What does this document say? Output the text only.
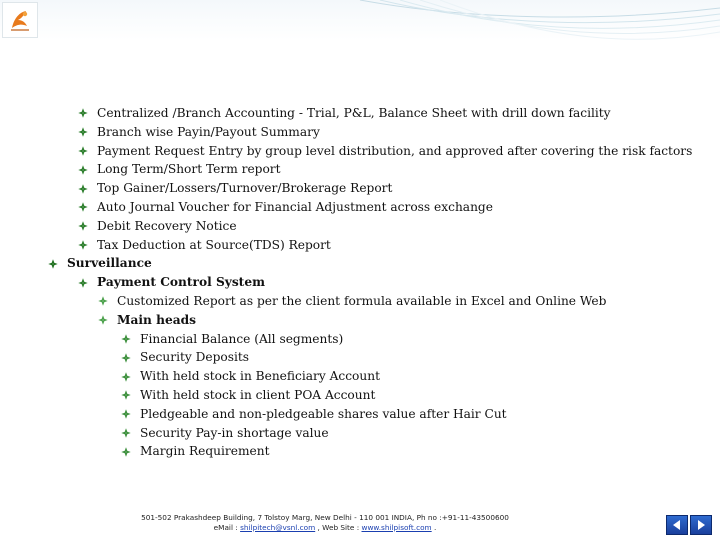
Centralized /Branch Accounting - Trial, P&L, Balance Sheet with drill down facility
Branch wise Payin/Payout Summary
Payment Request Entry by group level distribution, and approved after covering the risk factors
Long Term/Short Term report
Top Gainer/Lossers/Turnover/Brokerage Report
Auto Journal Voucher for Financial Adjustment across exchange
Debit Recovery Notice
Tax Deduction at Source(TDS) Report
Surveillance
Payment Control System
Customized Report as per the client formula available in Excel and Online Web
Main heads
Financial Balance (All segments)
Security Deposits
With held stock in Beneficiary Account
With held stock in client POA Account
Pledgeable and non-pledgeable shares value after Hair Cut
Security Pay-in shortage value
Margin Requirement
501-502 Prakashdeep Building, 7 Tolstoy Marg, New Delhi - 110 001 INDIA, Ph no :+91-11-43500600
eMail : shilpitech@vsnl.com , Web Site : www.shilpisoft.com .
